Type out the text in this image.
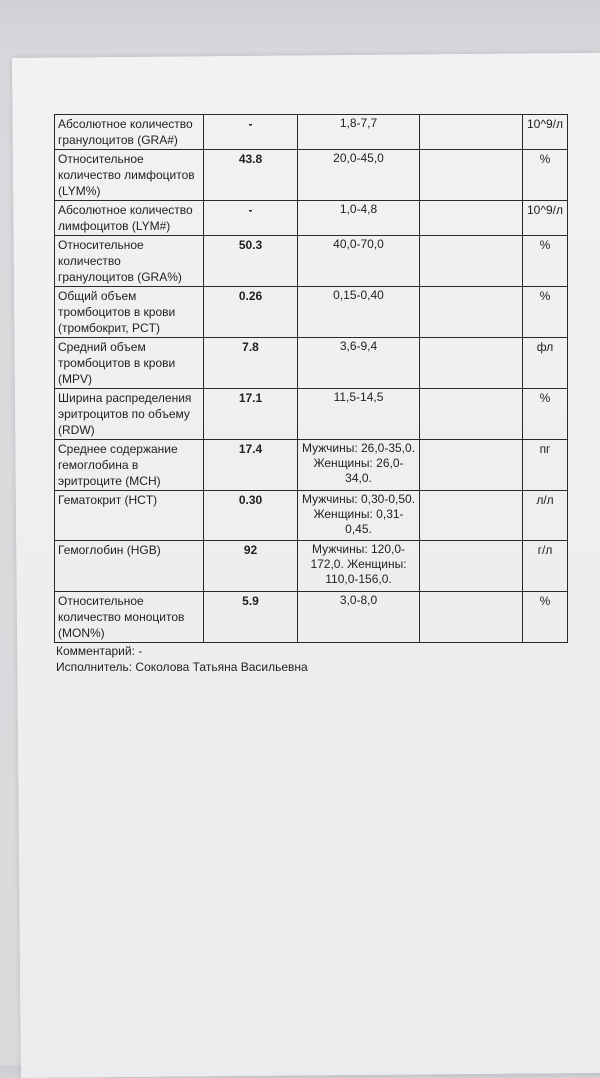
Абсолютное количество гранулоцитов (GRA#)	-	1,8-7,7		10^9/л
Относительное количество лимфоцитов (LYM%)	43.8	20,0-45,0		%
Абсолютное количество лимфоцитов (LYM#)	-	1,0-4,8		10^9/л
Относительное количество гранулоцитов (GRA%)	50.3	40,0-70,0		%
Общий объем тромбоцитов в крови (тромбокрит, PCT)	0.26	0,15-0,40		%
Средний объем тромбоцитов в крови (MPV)	7.8	3,6-9,4		фл
Ширина распределения эритроцитов по объему (RDW)	17.1	11,5-14,5		%
Среднее содержание гемоглобина в эритроците (MCH)	17.4	Мужчины: 26,0-35,0. Женщины: 26,0-34,0.		пг
Гематокрит (HCT)	0.30	Мужчины: 0,30-0,50. Женщины: 0,31-0,45.		л/л
Гемоглобин (HGB)	92	Мужчины: 120,0-172,0. Женщины: 110,0-156,0.		г/л
Относительное количество моноцитов (MON%)	5.9	3,0-8,0		%
Комментарий: -
Исполнитель: Соколова Татьяна Васильевна
